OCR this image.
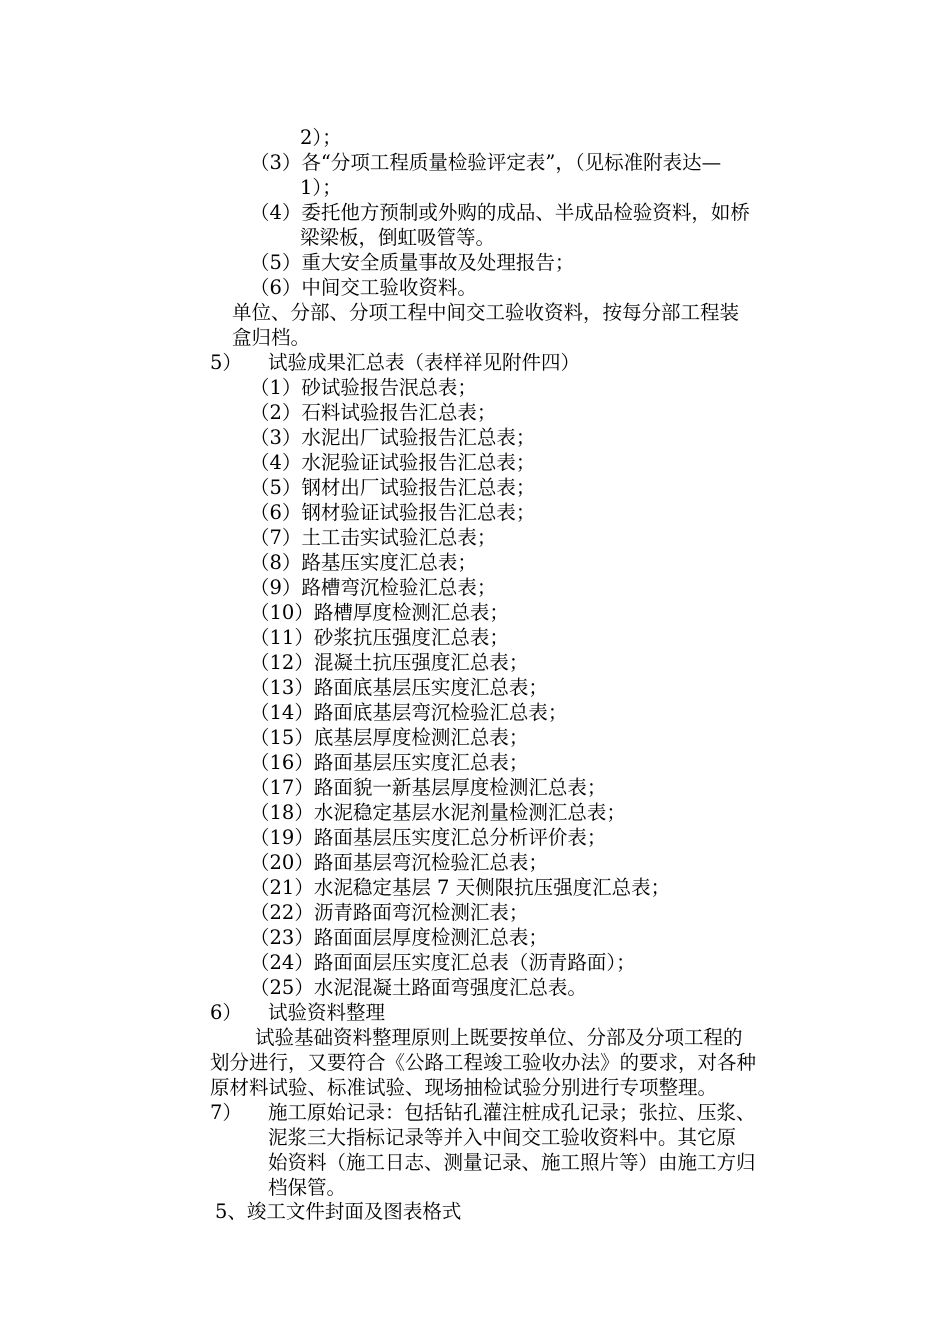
2）；
（3）各“分项工程质量检验评定表”，（见标准附表达—
1）；
（4）委托他方预制或外购的成品、半成品检验资料，如桥
梁梁板，倒虹吸管等。
（5）重大安全质量事故及处理报告；
（6）中间交工验收资料。
单位、分部、分项工程中间交工验收资料，按每分部工程装
盒归档。
5） 试验成果汇总表（表样祥见附件四）
（1）砂试验报告泯总表；
（2）石料试验报告汇总表；
（3）水泥出厂试验报告汇总表；
（4）水泥验证试验报告汇总表；
（5）钢材出厂试验报告汇总表；
（6）钢材验证试验报告汇总表；
（7）土工击实试验汇总表；
（8）路基压实度汇总表；
（9）路槽弯沉检验汇总表；
（10）路槽厚度检测汇总表；
（11）砂浆抗压强度汇总表；
（12）混凝土抗压强度汇总表；
（13）路面底基层压实度汇总表；
（14）路面底基层弯沉检验汇总表；
（15）底基层厚度检测汇总表；
（16）路面基层压实度汇总表；
（17）路面貌一新基层厚度检测汇总表；
（18）水泥稳定基层水泥剂量检测汇总表；
（19）路面基层压实度汇总分析评价表；
（20）路面基层弯沉检验汇总表；
（21）水泥稳定基层 7 天侧限抗压强度汇总表；
（22）沥青路面弯沉检测汇表；
（23）路面面层厚度检测汇总表；
（24）路面面层压实度汇总表（沥青路面）；
（25）水泥混凝土路面弯强度汇总表。
6） 试验资料整理
试验基础资料整理原则上既要按单位、分部及分项工程的
划分进行，又要符合《公路工程竣工验收办法》的要求，对各种
原材料试验、标准试验、现场抽检试验分别进行专项整理。
7） 施工原始记录：包括钻孔灌注桩成孔记录；张拉、压浆、
泥浆三大指标记录等并入中间交工验收资料中。其它原
始资料（施工日志、测量记录、施工照片等）由施工方归
档保管。
5、竣工文件封面及图表格式
